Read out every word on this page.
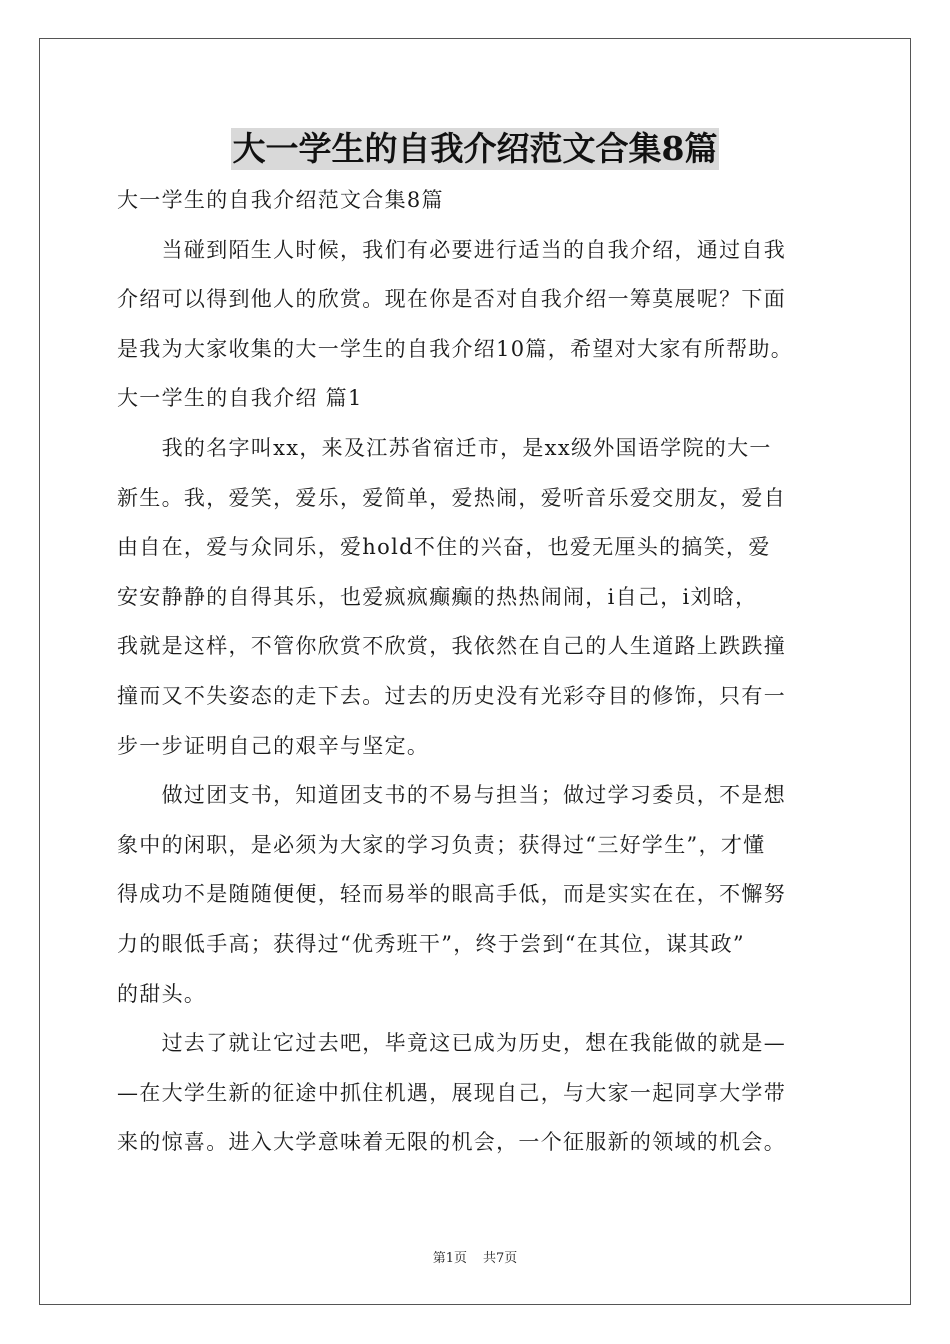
大一学生的自我介绍范文合集8篇
大一学生的自我介绍范文合集8篇
　　当碰到陌生人时候，我们有必要进行适当的自我介绍，通过自我
介绍可以得到他人的欣赏。现在你是否对自我介绍一筹莫展呢？下面
是我为大家收集的大一学生的自我介绍10篇，希望对大家有所帮助。
大一学生的自我介绍 篇1
　　我的名字叫xx，来及江苏省宿迁市，是xx级外国语学院的大一
新生。我，爱笑，爱乐，爱简单，爱热闹，爱听音乐爱交朋友，爱自
由自在，爱与众同乐，爱hold不住的兴奋，也爱无厘头的搞笑，爱
安安静静的自得其乐，也爱疯疯癫癫的热热闹闹，i自己，i刘晗，
我就是这样，不管你欣赏不欣赏，我依然在自己的人生道路上跌跌撞
撞而又不失姿态的走下去。过去的历史没有光彩夺目的修饰，只有一
步一步证明自己的艰辛与坚定。
　　做过团支书，知道团支书的不易与担当；做过学习委员，不是想
象中的闲职，是必须为大家的学习负责；获得过“三好学生”，才懂
得成功不是随随便便，轻而易举的眼高手低，而是实实在在，不懈努
力的眼低手高；获得过“优秀班干”，终于尝到“在其位，谋其政”
的甜头。
　　过去了就让它过去吧，毕竟这已成为历史，想在我能做的就是—
—在大学生新的征途中抓住机遇，展现自己，与大家一起同享大学带
来的惊喜。进入大学意味着无限的机会，一个征服新的领域的机会。
第1页 共7页
